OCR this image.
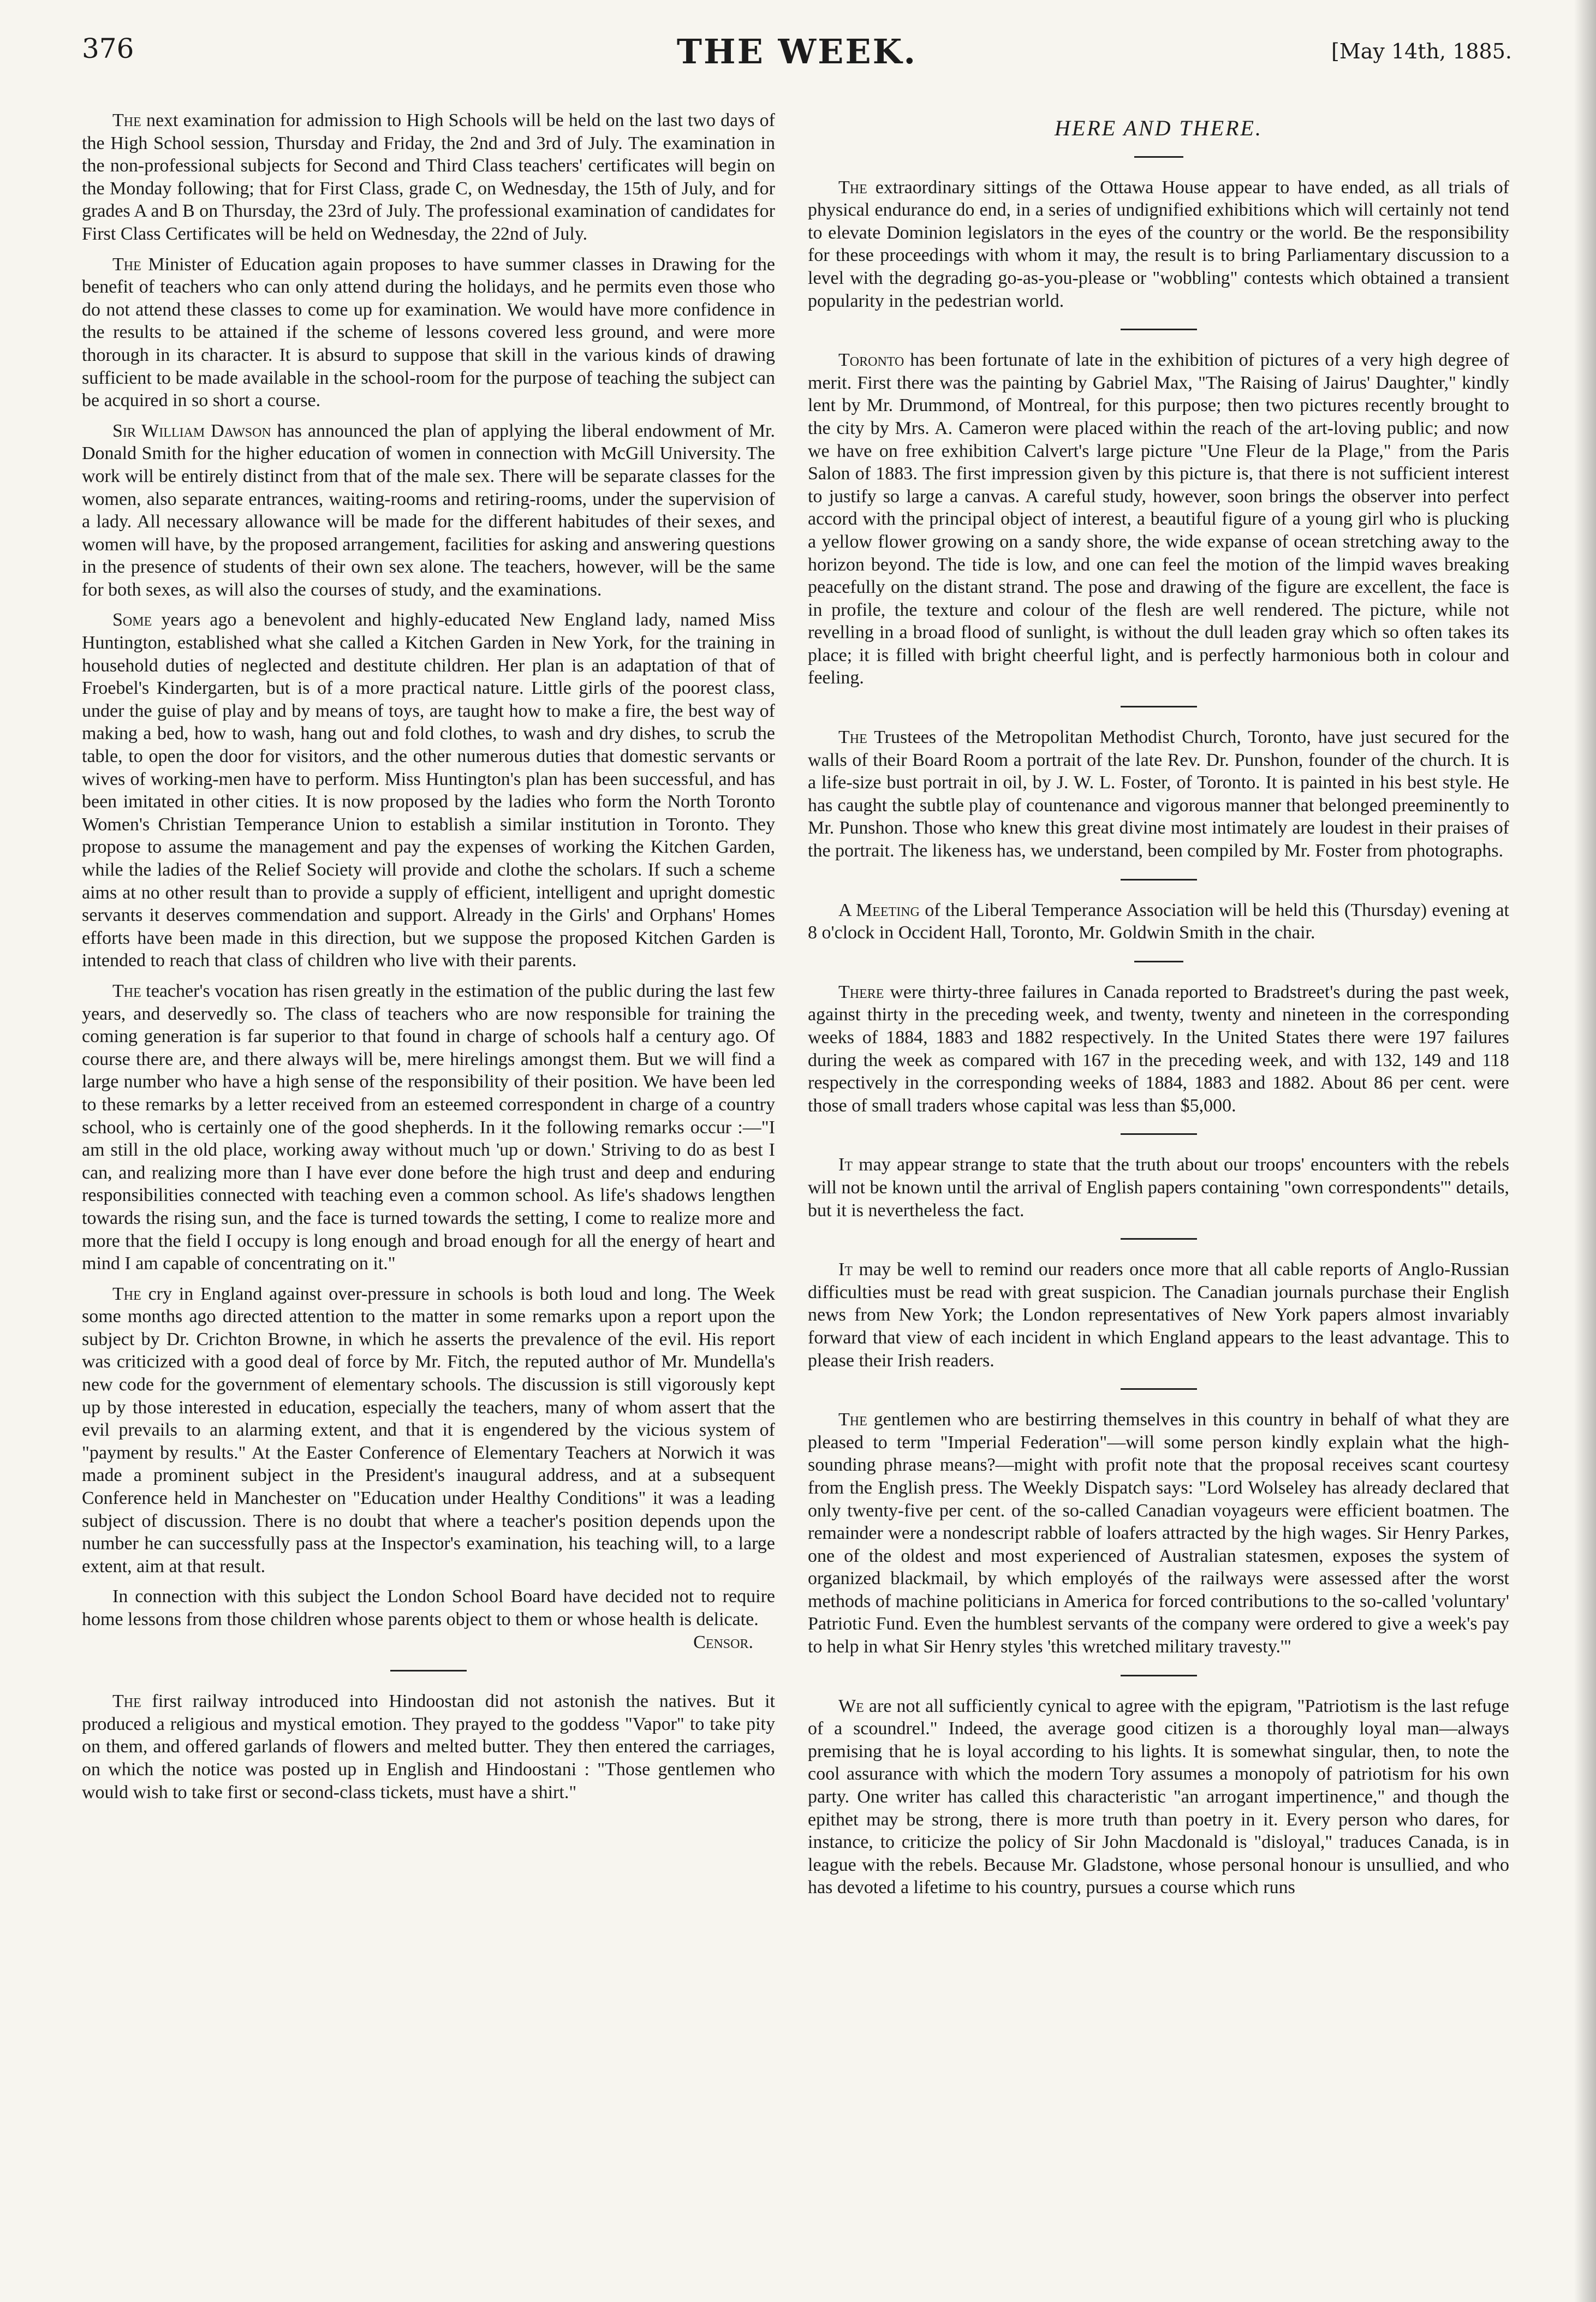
376	THE WEEK.	[May 14th, 1885.

The next examination for admission to High Schools will be held on the last two days of the High School session, Thursday and Friday, the 2nd and 3rd of July. The examination in the non-professional subjects for Second and Third Class teachers' certificates will begin on the Monday following; that for First Class, grade C, on Wednesday, the 15th of July, and for grades A and B on Thursday, the 23rd of July. The professional examination of candidates for First Class Certificates will be held on Wednesday, the 22nd of July.

The Minister of Education again proposes to have summer classes in Drawing for the benefit of teachers who can only attend during the holidays, and he permits even those who do not attend these classes to come up for examination. We would have more confidence in the results to be attained if the scheme of lessons covered less ground, and were more thorough in its character. It is absurd to suppose that skill in the various kinds of drawing sufficient to be made available in the school-room for the purpose of teaching the subject can be acquired in so short a course.

Sir William Dawson has announced the plan of applying the liberal endowment of Mr. Donald Smith for the higher education of women in connection with McGill University. The work will be entirely distinct from that of the male sex. There will be separate classes for the women, also separate entrances, waiting-rooms and retiring-rooms, under the supervision of a lady. All necessary allowance will be made for the different habitudes of their sexes, and women will have, by the proposed arrangement, facilities for asking and answering questions in the presence of students of their own sex alone. The teachers, however, will be the same for both sexes, as will also the courses of study, and the examinations.

Some years ago a benevolent and highly-educated New England lady, named Miss Huntington, established what she called a Kitchen Garden in New York, for the training in household duties of neglected and destitute children. Her plan is an adaptation of that of Froebel's Kindergarten, but is of a more practical nature. Little girls of the poorest class, under the guise of play and by means of toys, are taught how to make a fire, the best way of making a bed, how to wash, hang out and fold clothes, to wash and dry dishes, to scrub the table, to open the door for visitors, and the other numerous duties that domestic servants or wives of working-men have to perform. Miss Huntington's plan has been successful, and has been imitated in other cities. It is now proposed by the ladies who form the North Toronto Women's Christian Temperance Union to establish a similar institution in Toronto. They propose to assume the management and pay the expenses of working the Kitchen Garden, while the ladies of the Relief Society will provide and clothe the scholars. If such a scheme aims at no other result than to provide a supply of efficient, intelligent and upright domestic servants it deserves commendation and support. Already in the Girls' and Orphans' Homes efforts have been made in this direction, but we suppose the proposed Kitchen Garden is intended to reach that class of children who live with their parents.

The teacher's vocation has risen greatly in the estimation of the public during the last few years, and deservedly so. The class of teachers who are now responsible for training the coming generation is far superior to that found in charge of schools half a century ago. Of course there are, and there always will be, mere hirelings amongst them. But we will find a large number who have a high sense of the responsibility of their position. We have been led to these remarks by a letter received from an esteemed correspondent in charge of a country school, who is certainly one of the good shepherds. In it the following remarks occur :—"I am still in the old place, working away without much 'up or down.' Striving to do as best I can, and realizing more than I have ever done before the high trust and deep and enduring responsibilities connected with teaching even a common school. As life's shadows lengthen towards the rising sun, and the face is turned towards the setting, I come to realize more and more that the field I occupy is long enough and broad enough for all the energy of heart and mind I am capable of concentrating on it."

The cry in England against over-pressure in schools is both loud and long. The Week some months ago directed attention to the matter in some remarks upon a report upon the subject by Dr. Crichton Browne, in which he asserts the prevalence of the evil. His report was criticized with a good deal of force by Mr. Fitch, the reputed author of Mr. Mundella's new code for the government of elementary schools. The discussion is still vigorously kept up by those interested in education, especially the teachers, many of whom assert that the evil prevails to an alarming extent, and that it is engendered by the vicious system of "payment by results." At the Easter Conference of Elementary Teachers at Norwich it was made a prominent subject in the President's inaugural address, and at a subsequent Conference held in Manchester on "Education under Healthy Conditions" it was a leading subject of discussion. There is no doubt that where a teacher's position depends upon the number he can successfully pass at the Inspector's examination, his teaching will, to a large extent, aim at that result.

In connection with this subject the London School Board have decided not to require home lessons from those children whose parents object to them or whose health is delicate.

Censor.

The first railway introduced into Hindoostan did not astonish the natives. But it produced a religious and mystical emotion. They prayed to the goddess "Vapor" to take pity on them, and offered garlands of flowers and melted butter. They then entered the carriages, on which the notice was posted up in English and Hindoostani : "Those gentlemen who would wish to take first or second-class tickets, must have a shirt."

HERE AND THERE.

The extraordinary sittings of the Ottawa House appear to have ended, as all trials of physical endurance do end, in a series of undignified exhibitions which will certainly not tend to elevate Dominion legislators in the eyes of the country or the world. Be the responsibility for these proceedings with whom it may, the result is to bring Parliamentary discussion to a level with the degrading go-as-you-please or "wobbling" contests which obtained a transient popularity in the pedestrian world.

Toronto has been fortunate of late in the exhibition of pictures of a very high degree of merit. First there was the painting by Gabriel Max, "The Raising of Jairus' Daughter," kindly lent by Mr. Drummond, of Montreal, for this purpose; then two pictures recently brought to the city by Mrs. A. Cameron were placed within the reach of the art-loving public; and now we have on free exhibition Calvert's large picture "Une Fleur de la Plage," from the Paris Salon of 1883. The first impression given by this picture is, that there is not sufficient interest to justify so large a canvas. A careful study, however, soon brings the observer into perfect accord with the principal object of interest, a beautiful figure of a young girl who is plucking a yellow flower growing on a sandy shore, the wide expanse of ocean stretching away to the horizon beyond. The tide is low, and one can feel the motion of the limpid waves breaking peacefully on the distant strand. The pose and drawing of the figure are excellent, the face is in profile, the texture and colour of the flesh are well rendered. The picture, while not revelling in a broad flood of sunlight, is without the dull leaden gray which so often takes its place; it is filled with bright cheerful light, and is perfectly harmonious both in colour and feeling.

The Trustees of the Metropolitan Methodist Church, Toronto, have just secured for the walls of their Board Room a portrait of the late Rev. Dr. Punshon, founder of the church. It is a life-size bust portrait in oil, by J. W. L. Foster, of Toronto. It is painted in his best style. He has caught the subtle play of countenance and vigorous manner that belonged preeminently to Mr. Punshon. Those who knew this great divine most intimately are loudest in their praises of the portrait. The likeness has, we understand, been compiled by Mr. Foster from photographs.

A Meeting of the Liberal Temperance Association will be held this (Thursday) evening at 8 o'clock in Occident Hall, Toronto, Mr. Goldwin Smith in the chair.

There were thirty-three failures in Canada reported to Bradstreet's during the past week, against thirty in the preceding week, and twenty, twenty and nineteen in the corresponding weeks of 1884, 1883 and 1882 respectively. In the United States there were 197 failures during the week as compared with 167 in the preceding week, and with 132, 149 and 118 respectively in the corresponding weeks of 1884, 1883 and 1882. About 86 per cent. were those of small traders whose capital was less than $5,000.

It may appear strange to state that the truth about our troops' encounters with the rebels will not be known until the arrival of English papers containing "own correspondents'" details, but it is nevertheless the fact.

It may be well to remind our readers once more that all cable reports of Anglo-Russian difficulties must be read with great suspicion. The Canadian journals purchase their English news from New York; the London representatives of New York papers almost invariably forward that view of each incident in which England appears to the least advantage. This to please their Irish readers.

The gentlemen who are bestirring themselves in this country in behalf of what they are pleased to term "Imperial Federation"—will some person kindly explain what the high-sounding phrase means?—might with profit note that the proposal receives scant courtesy from the English press. The Weekly Dispatch says: "Lord Wolseley has already declared that only twenty-five per cent. of the so-called Canadian voyageurs were efficient boatmen. The remainder were a nondescript rabble of loafers attracted by the high wages. Sir Henry Parkes, one of the oldest and most experienced of Australian statesmen, exposes the system of organized blackmail, by which employés of the railways were assessed after the worst methods of machine politicians in America for forced contributions to the so-called 'voluntary' Patriotic Fund. Even the humblest servants of the company were ordered to give a week's pay to help in what Sir Henry styles 'this wretched military travesty.'"

We are not all sufficiently cynical to agree with the epigram, "Patriotism is the last refuge of a scoundrel." Indeed, the average good citizen is a thoroughly loyal man—always premising that he is loyal according to his lights. It is somewhat singular, then, to note the cool assurance with which the modern Tory assumes a monopoly of patriotism for his own party. One writer has called this characteristic "an arrogant impertinence," and though the epithet may be strong, there is more truth than poetry in it. Every person who dares, for instance, to criticize the policy of Sir John Macdonald is "disloyal," traduces Canada, is in league with the rebels. Because Mr. Gladstone, whose personal honour is unsullied, and who has devoted a lifetime to his country, pursues a course which runs
